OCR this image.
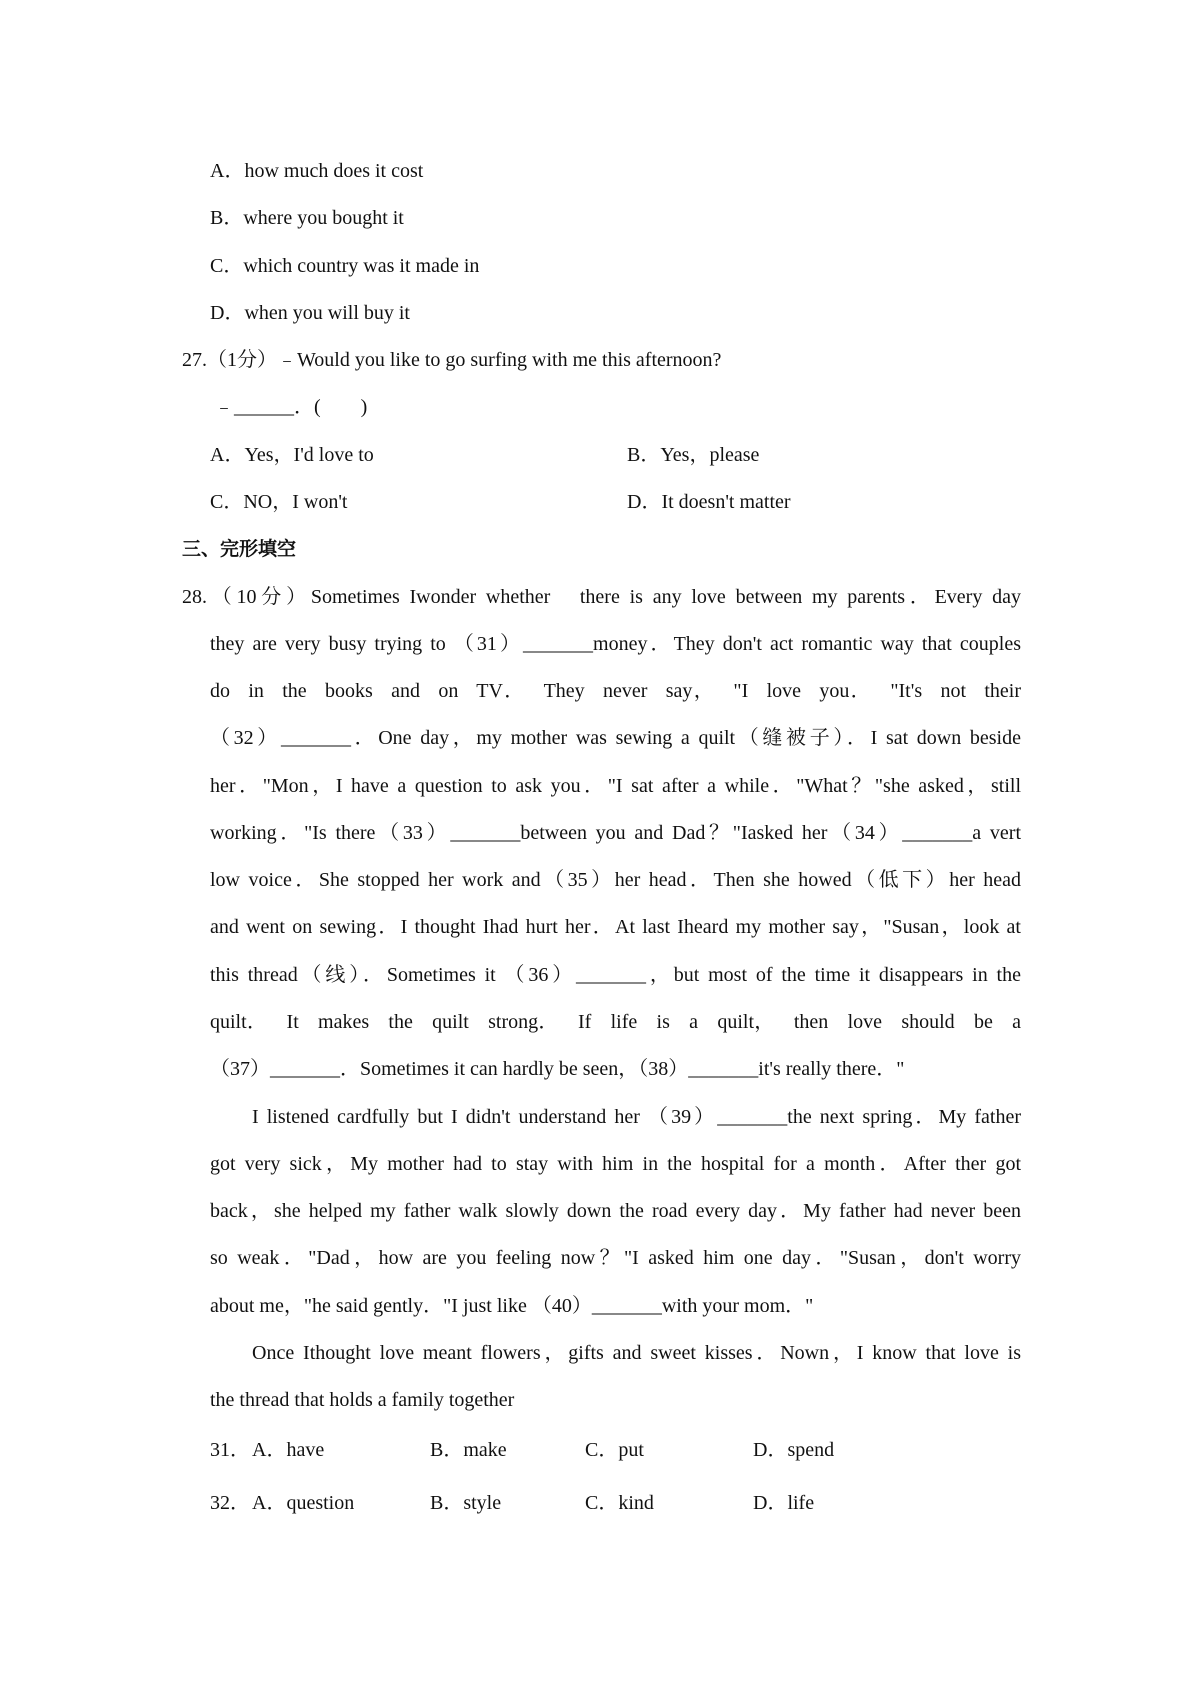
A．how much does it cost
B．where you bought it
C．which country was it made in
D．when you will buy it
27.（1分）﹣Would you like to go surfing with me this afternoon?
﹣______．(　　)
A．Yes，I'd love to	B．Yes，please
C．NO，I won't	D．It doesn't matter
三、完形填空
28.（10分）Sometimes Iwonder whether　there is any love between my parents．Every day
they are very busy trying to （31）_______money．They don't act romantic way that couples
do in the books and on TV． They never say， "I love you． "It's not their
（32）_______．One day，my mother was sewing a quilt（缝被子）．I sat down beside
her．"Mon，I have a question to ask you．"I sat after a while．"What？"she asked，still
working．"Is there（33）_______between you and Dad？"Iasked her（34）_______a vert
low voice．She stopped her work and（35）her head．Then she howed（低下）her head
and went on sewing．I thought Ihad hurt her．At last Iheard my mother say，"Susan，look at
this thread（线）．Sometimes it （36）_______，but most of the time it disappears in the
quilt． It makes the quilt strong． If life is a quilt， then love should be a
（37）_______．Sometimes it can hardly be seen，（38）_______it's really there．"
I listened cardfully but I didn't understand her （39）_______the next spring．My father
got very sick，My mother had to stay with him in the hospital for a month．After ther got
back，she helped my father walk slowly down the road every day．My father had never been
so weak．"Dad，how are you feeling now？"I asked him one day．"Susan，don't worry
about me，"he said gently．"I just like （40）_______with your mom．"
Once Ithought love meant flowers，gifts and sweet kisses．Nown，I know that love is
the thread that holds a family together
31． A．have	B．make	C．put	D．spend
32． A．question	B．style	C．kind	D．life
